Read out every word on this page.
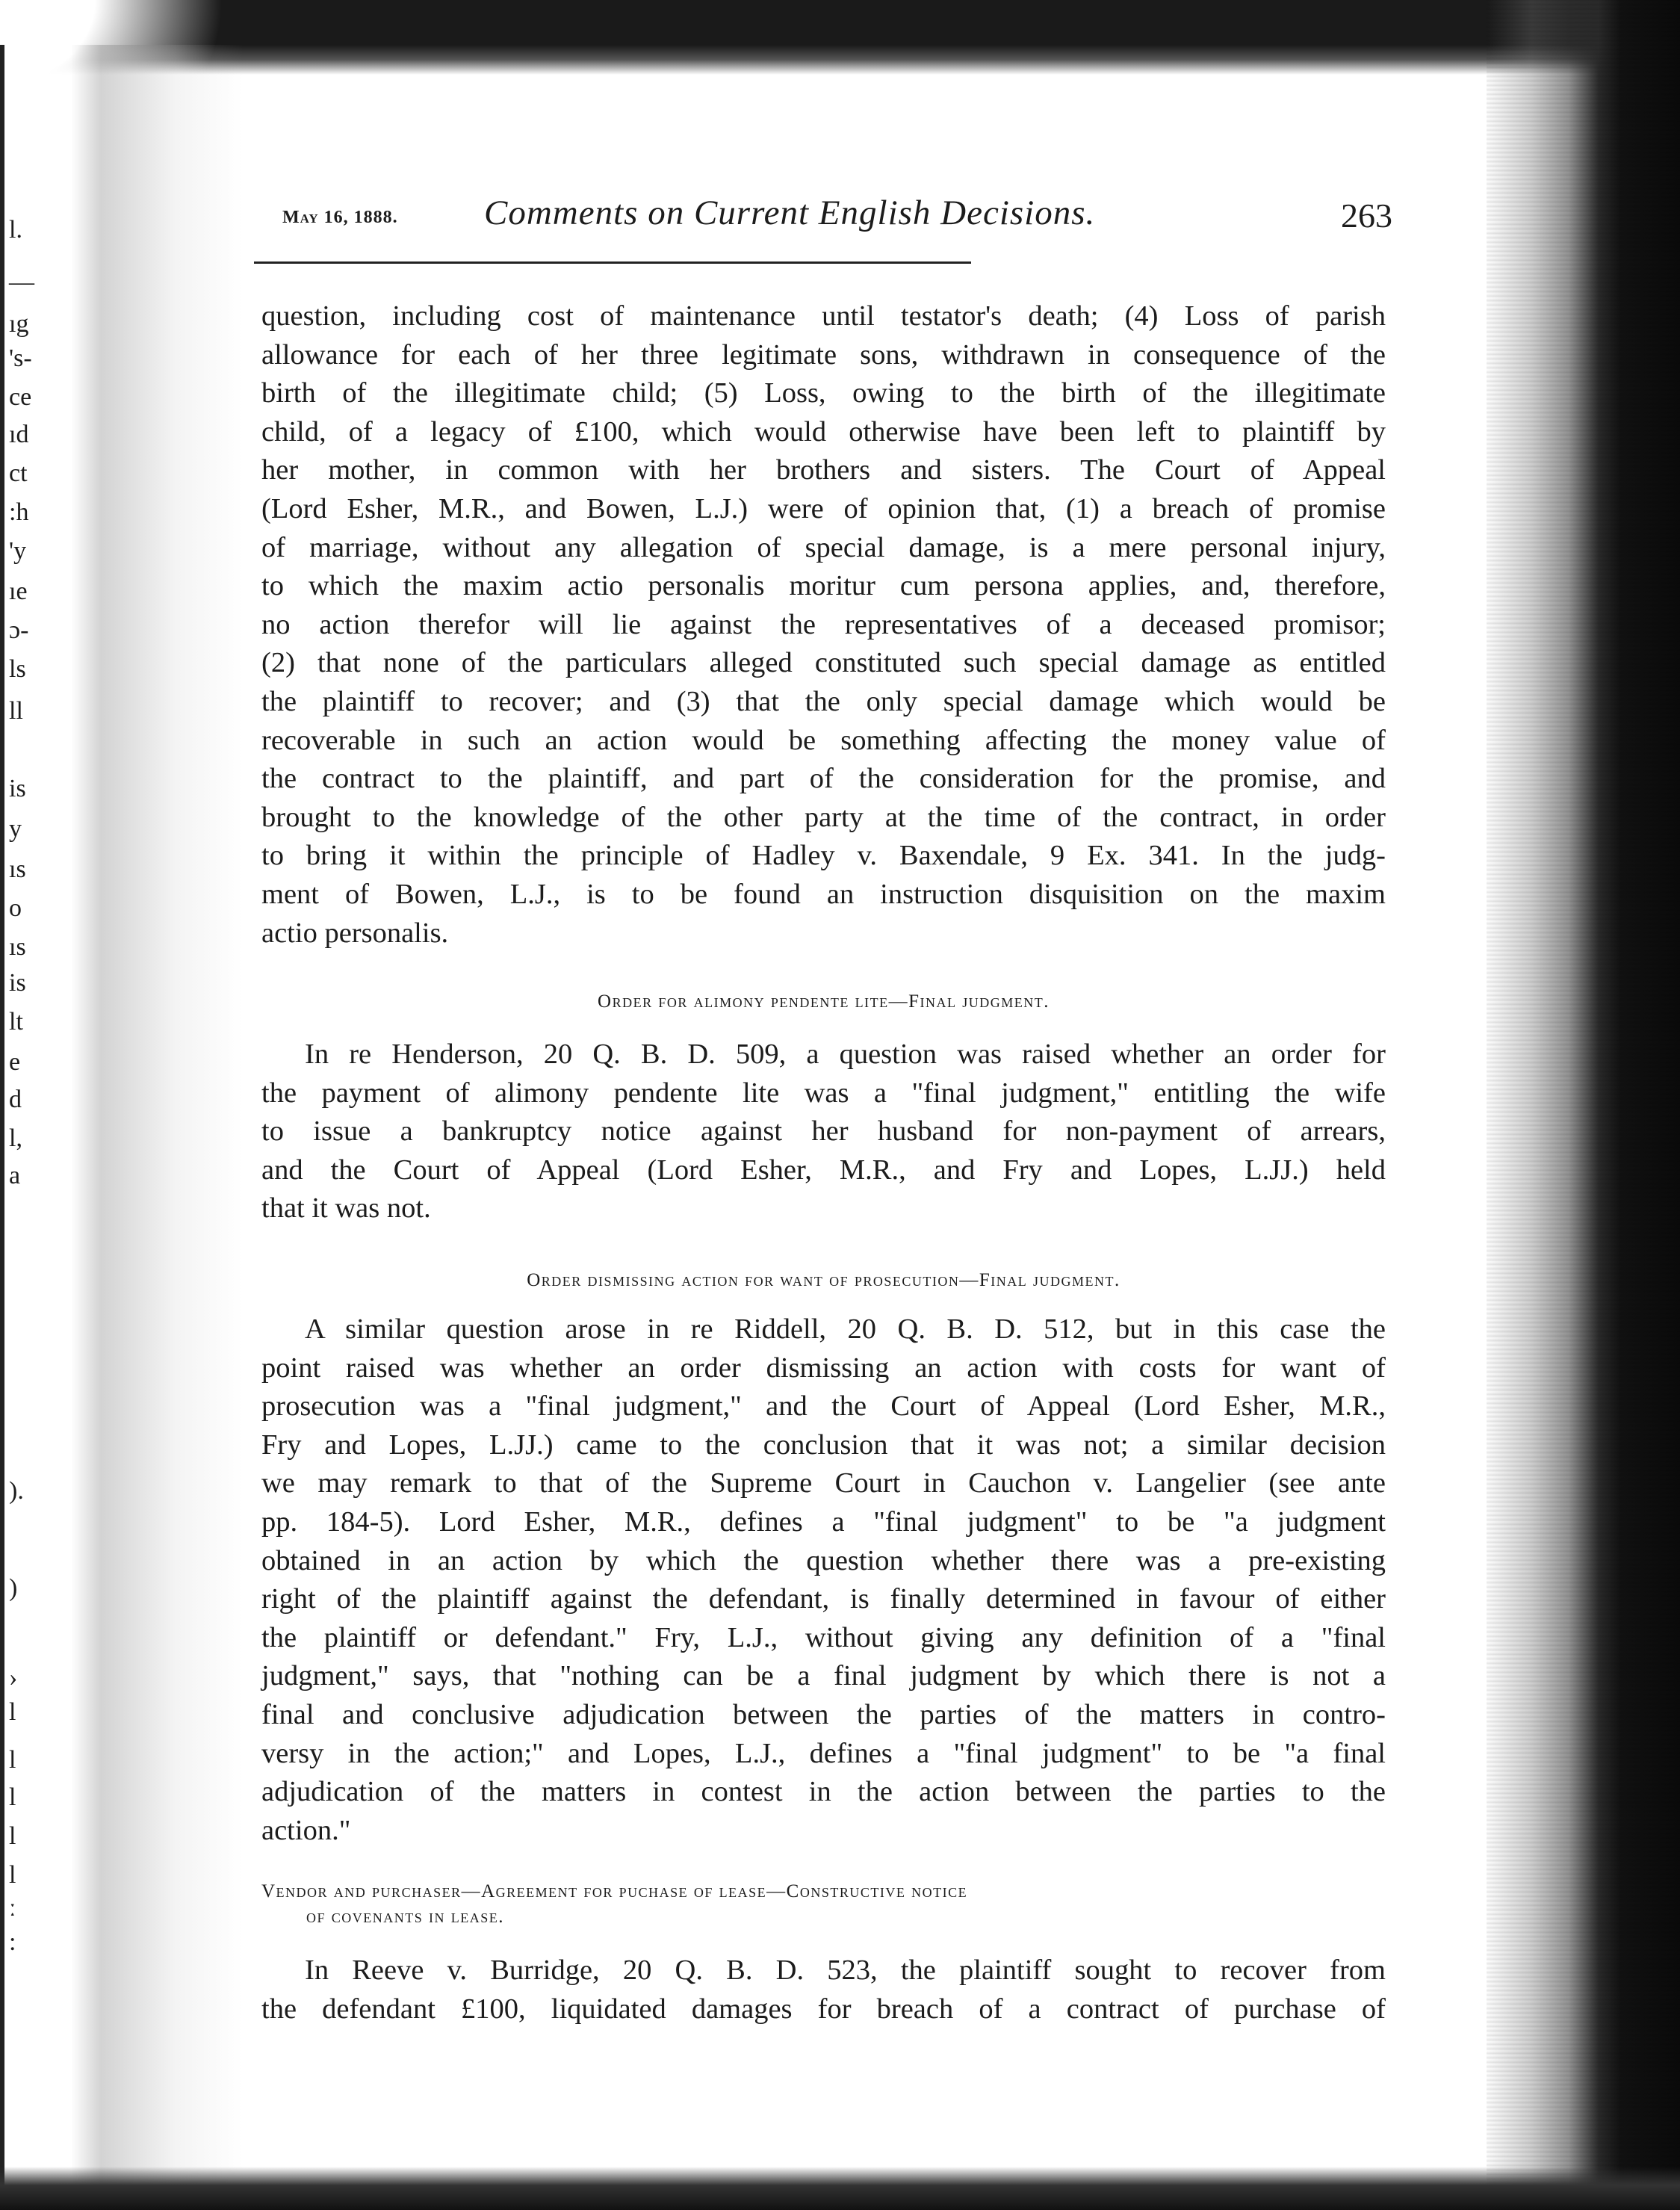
l.
—
ıg
's-
ce
ıd
ct
:h
'y
ıe
ɔ-
ls
ll
is
y
ıs
o
ıs
is
lt
e
d
l,
a
).
)
›
l
l
l
l
l
ː
:
May 16, 1888. Comments on Current English Decisions.	263
question, including cost of maintenance until testator's death; (4) Loss of parish
allowance for each of her three legitimate sons, withdrawn in consequence of the
birth of the illegitimate child; (5) Loss, owing to the birth of the illegitimate
child, of a legacy of £100, which would otherwise have been left to plaintiff by
her mother, in common with her brothers and sisters. The Court of Appeal
(Lord Esher, M.R., and Bowen, L.J.) were of opinion that, (1) a breach of promise
of marriage, without any allegation of special damage, is a mere personal injury,
to which the maxim actio personalis moritur cum persona applies, and, therefore,
no action therefor will lie against the representatives of a deceased promisor;
(2) that none of the particulars alleged constituted such special damage as entitled
the plaintiff to recover; and (3) that the only special damage which would be
recoverable in such an action would be something affecting the money value of
the contract to the plaintiff, and part of the consideration for the promise, and
brought to the knowledge of the other party at the time of the contract, in order
to bring it within the principle of Hadley v. Baxendale, 9 Ex. 341. In the judg-
ment of Bowen, L.J., is to be found an instruction disquisition on the maxim
actio personalis.

Order for alimony pendente lite—Final judgment.

In re Henderson, 20 Q. B. D. 509, a question was raised whether an order for
the payment of alimony pendente lite was a "final judgment," entitling the wife
to issue a bankruptcy notice against her husband for non-payment of arrears,
and the Court of Appeal (Lord Esher, M.R., and Fry and Lopes, L.JJ.) held
that it was not.

Order dismissing action for want of prosecution—Final judgment.

A similar question arose in re Riddell, 20 Q. B. D. 512, but in this case the
point raised was whether an order dismissing an action with costs for want of
prosecution was a "final judgment," and the Court of Appeal (Lord Esher, M.R.,
Fry and Lopes, L.JJ.) came to the conclusion that it was not; a similar decision
we may remark to that of the Supreme Court in Cauchon v. Langelier (see ante
pp. 184-5). Lord Esher, M.R., defines a "final judgment" to be "a judgment
obtained in an action by which the question whether there was a pre-existing
right of the plaintiff against the defendant, is finally determined in favour of either
the plaintiff or defendant." Fry, L.J., without giving any definition of a "final
judgment," says, that "nothing can be a final judgment by which there is not a
final and conclusive adjudication between the parties of the matters in contro-
versy in the action;" and Lopes, L.J., defines a "final judgment" to be "a final
adjudication of the matters in contest in the action between the parties to the
action."

Vendor and purchaser—Agreement for puchase of lease—Constructive notice

of covenants in lease.

In Reeve v. Burridge, 20 Q. B. D. 523, the plaintiff sought to recover from
the defendant £100, liquidated damages for breach of a contract of purchase of
